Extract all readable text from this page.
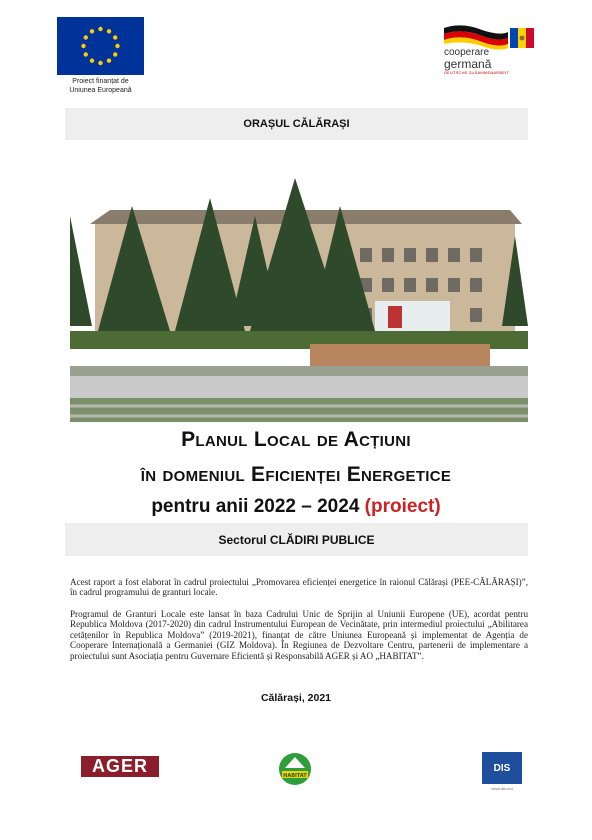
Proiect finanțat de
Uniunea Europeană
cooperare
germană
DEUTSCHE ZUSAMMENARBEIT
ORAȘUL CĂLĂRAȘI
Planul Local de Acțiuni
în domeniul Eficienței Energetice
pentru anii 2022 – 2024 (proiect)
Sectorul CLĂDIRI PUBLICE
Acest raport a fost elaborat în cadrul proiectului „Promovarea eficienței energetice în raionul Călărași (PEE-CĂLĂRAȘI)”, în cadrul programului de granturi locale.
Programul de Granturi Locale este lansat în baza Cadrului Unic de Sprijin al Uniunii Europene (UE), acordat pentru Republica Moldova (2017-2020) din cadrul Instrumentului European de Vecinătate, prin intermediul proiectului „Abilitarea cetățenilor în Republica Moldova” (2019-2021), finanțat de către Uniunea Europeană și implementat de Agenția de Cooperare Internațională a Germaniei (GIZ Moldova). În Regiunea de Dezvoltare Centru, partenerii de implementare a proiectului sunt Asociația pentru Guvernare Eficientă și Responsabilă AGER și AO „HABITAT”.
Călărași, 2021
AGER	HABITAT
DIS
www.dis.md
